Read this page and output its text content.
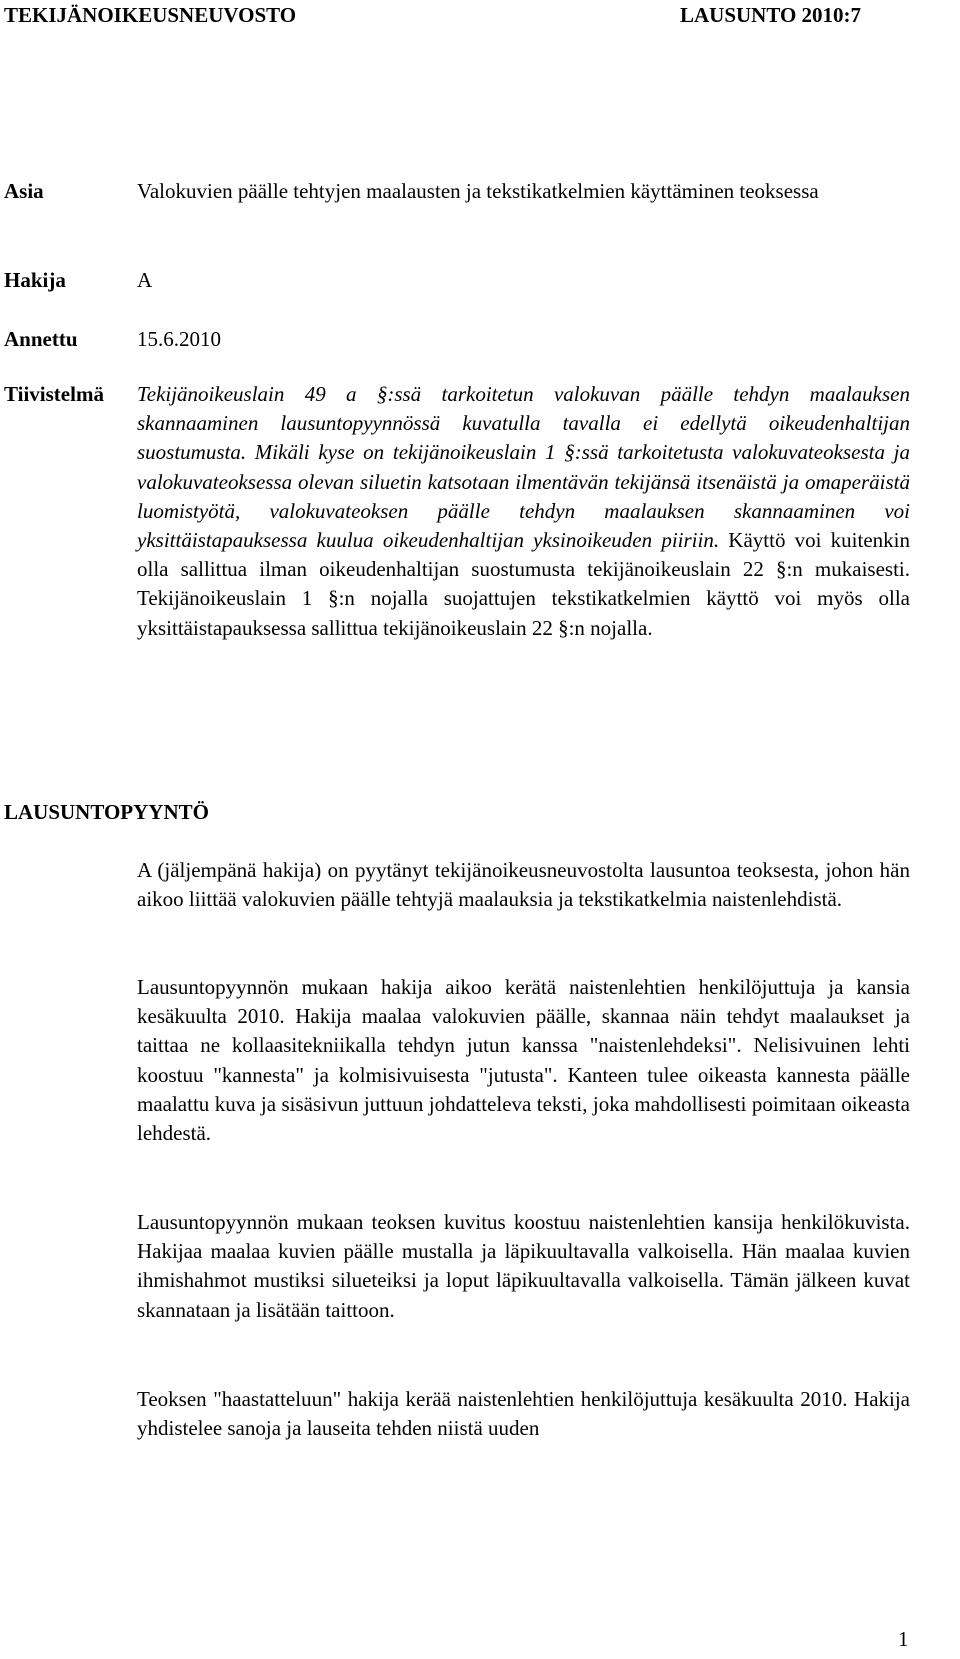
TEKIJÄNOIKEUSNEUVOSTO	LAUSUNTO 2010:7

Asia	Valokuvien päälle tehtyjen maalausten ja tekstikatkelmien käyttäminen teoksessa

Hakija	A

Annettu	15.6.2010

Tiivistelmä Tekijänoikeuslain 49 a §:ssä tarkoitetun valokuvan päälle tehdyn maalauksen skannaaminen lausuntopyynnössä kuvatulla tavalla ei edellytä oikeudenhaltijan suostumusta. Mikäli kyse on tekijänoikeuslain 1 §:ssä tarkoitetusta valokuvateoksesta ja valokuvateoksessa olevan siluetin katsotaan ilmentävän tekijänsä itsenäistä ja omaperäistä luomistyötä, valokuvateoksen päälle tehdyn maalauksen skannaaminen voi yksittäistapauksessa kuulua oikeudenhaltijan yksinoikeuden piiriin. Käyttö voi kuitenkin olla sallittua ilman oikeudenhaltijan suostumusta tekijänoikeuslain 22 §:n mukaisesti. Tekijänoikeuslain 1 §:n nojalla suojattujen tekstikatkelmien käyttö voi myös olla yksittäistapauksessa sallittua tekijänoikeuslain 22 §:n nojalla.

LAUSUNTOPYYNTÖ

A (jäljempänä hakija) on pyytänyt tekijänoikeusneuvostolta lausuntoa teoksesta, johon hän aikoo liittää valokuvien päälle tehtyjä maalauksia ja tekstikatkelmia naistenlehdistä.

Lausuntopyynnön mukaan hakija aikoo kerätä naistenlehtien henkilöjuttuja ja kansia kesäkuulta 2010. Hakija maalaa valokuvien päälle, skannaa näin tehdyt maalaukset ja taittaa ne kollaasitekniikalla tehdyn jutun kanssa "naistenlehdeksi". Nelisivuinen lehti koostuu "kannesta" ja kolmisivuisesta "jutusta". Kanteen tulee oikeasta kannesta päälle maalattu kuva ja sisäsivun juttuun johdatteleva teksti, joka mahdollisesti poimitaan oikeasta lehdestä.

Lausuntopyynnön mukaan teoksen kuvitus koostuu naistenlehtien kansija henkilökuvista. Hakijaa maalaa kuvien päälle mustalla ja läpikuultavalla valkoisella. Hän maalaa kuvien ihmishahmot mustiksi silueteiksi ja loput läpikuultavalla valkoisella. Tämän jälkeen kuvat skannataan ja lisätään taittoon.

Teoksen "haastatteluun" hakija kerää naistenlehtien henkilöjuttuja kesäkuulta 2010. Hakija yhdistelee sanoja ja lauseita tehden niistä uuden

1
